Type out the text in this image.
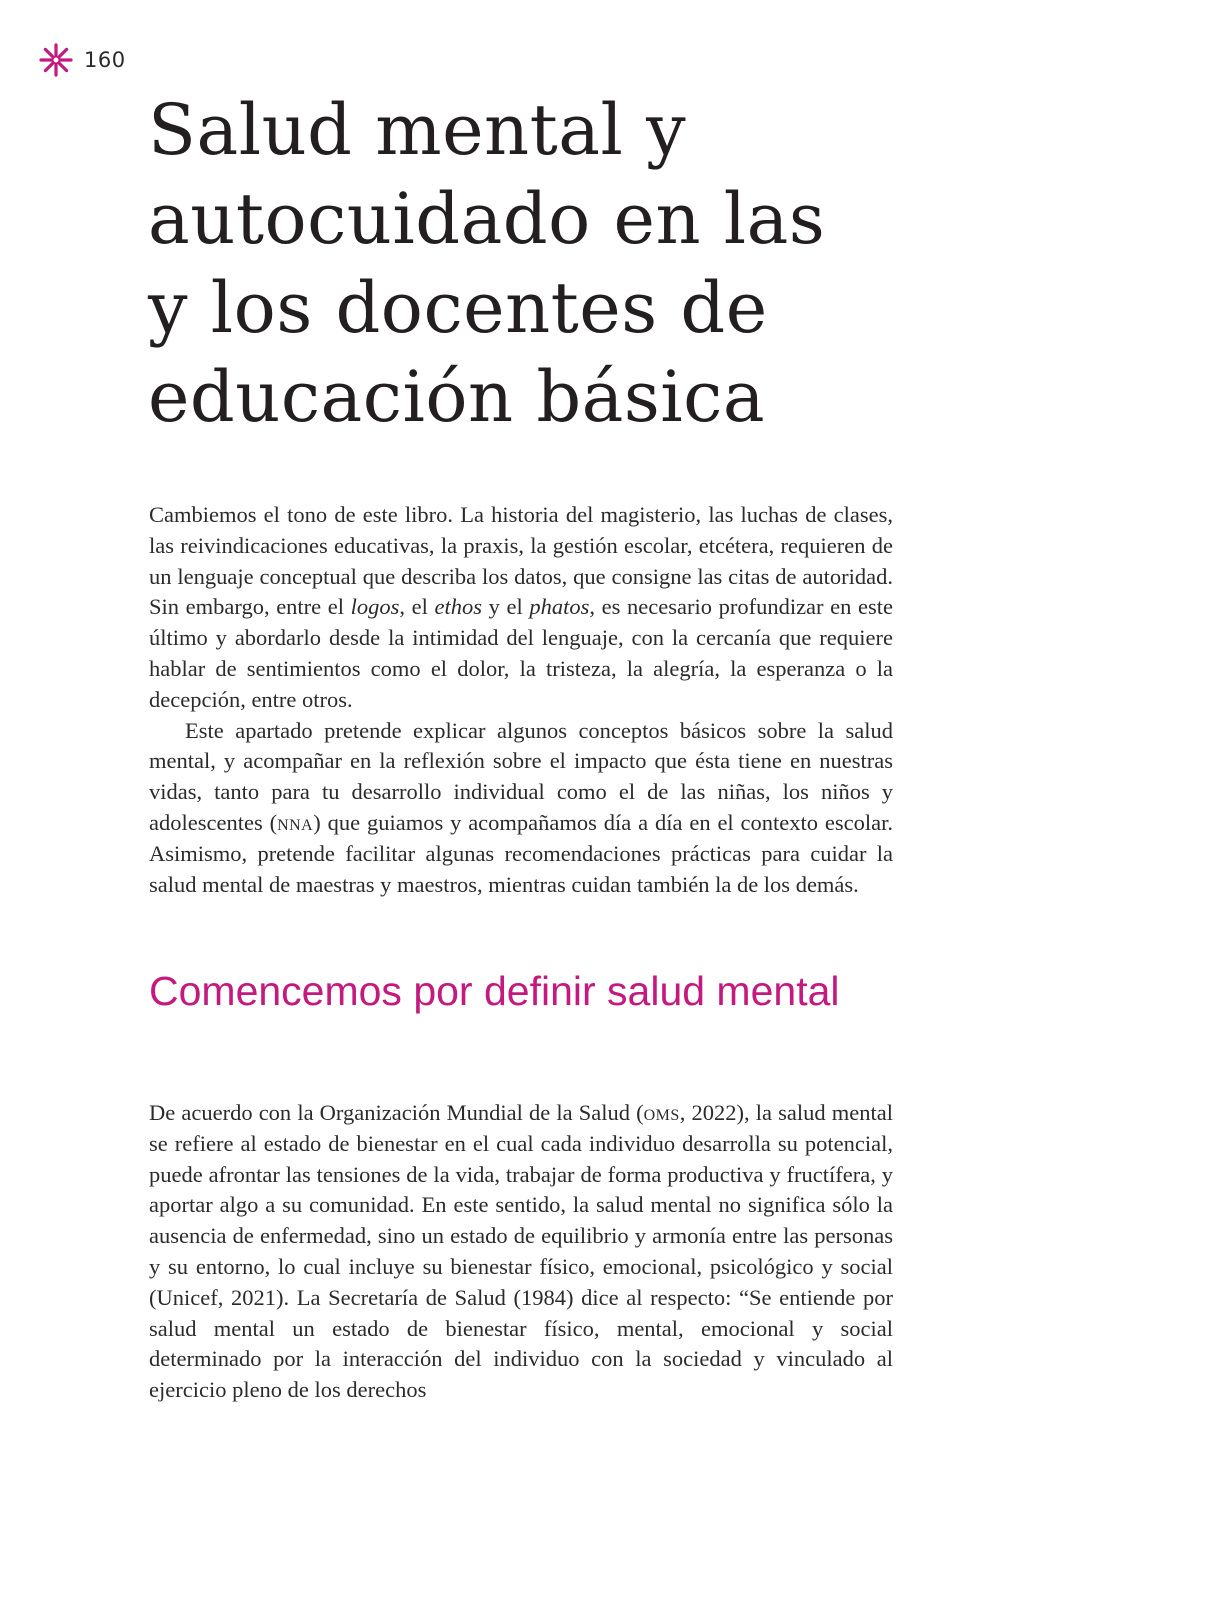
160
Salud mental y
autocuidado en las
y los docentes de
educación básica

Cambiemos el tono de este libro. La historia del magisterio, las luchas de clases, las reivindicaciones educativas, la praxis, la gestión escolar, etcétera, requieren de un lenguaje conceptual que describa los datos, que consigne las citas de autoridad. Sin embargo, entre el logos, el ethos y el phatos, es necesario profundizar en este último y abordarlo desde la intimidad del lenguaje, con la cercanía que requiere hablar de sentimientos como el dolor, la tristeza, la alegría, la esperanza o la decepción, entre otros.

Este apartado pretende explicar algunos conceptos básicos sobre la salud mental, y acompañar en la reflexión sobre el impacto que ésta tiene en nuestras vidas, tanto para tu desarrollo individual como el de las niñas, los niños y adolescentes (nna) que guiamos y acompañamos día a día en el contexto escolar. Asimismo, pretende facilitar algunas recomendaciones prácticas para cuidar la salud mental de maestras y maestros, mientras cuidan también la de los demás.

Comencemos por definir salud mental

De acuerdo con la Organización Mundial de la Salud (oms, 2022), la salud mental se refiere al estado de bienestar en el cual cada individuo desarrolla su potencial, puede afrontar las tensiones de la vida, trabajar de forma productiva y fructífera, y aportar algo a su comunidad. En este sentido, la salud mental no significa sólo la ausencia de enfermedad, sino un estado de equilibrio y armonía entre las personas y su entorno, lo cual incluye su bienestar físico, emocional, psicológico y social (Unicef, 2021). La Secretaría de Salud (1984) dice al respecto: “Se entiende por salud mental un estado de bienestar físico, mental, emocional y social determinado por la interacción del individuo con la sociedad y vinculado al ejercicio pleno de los derechos
